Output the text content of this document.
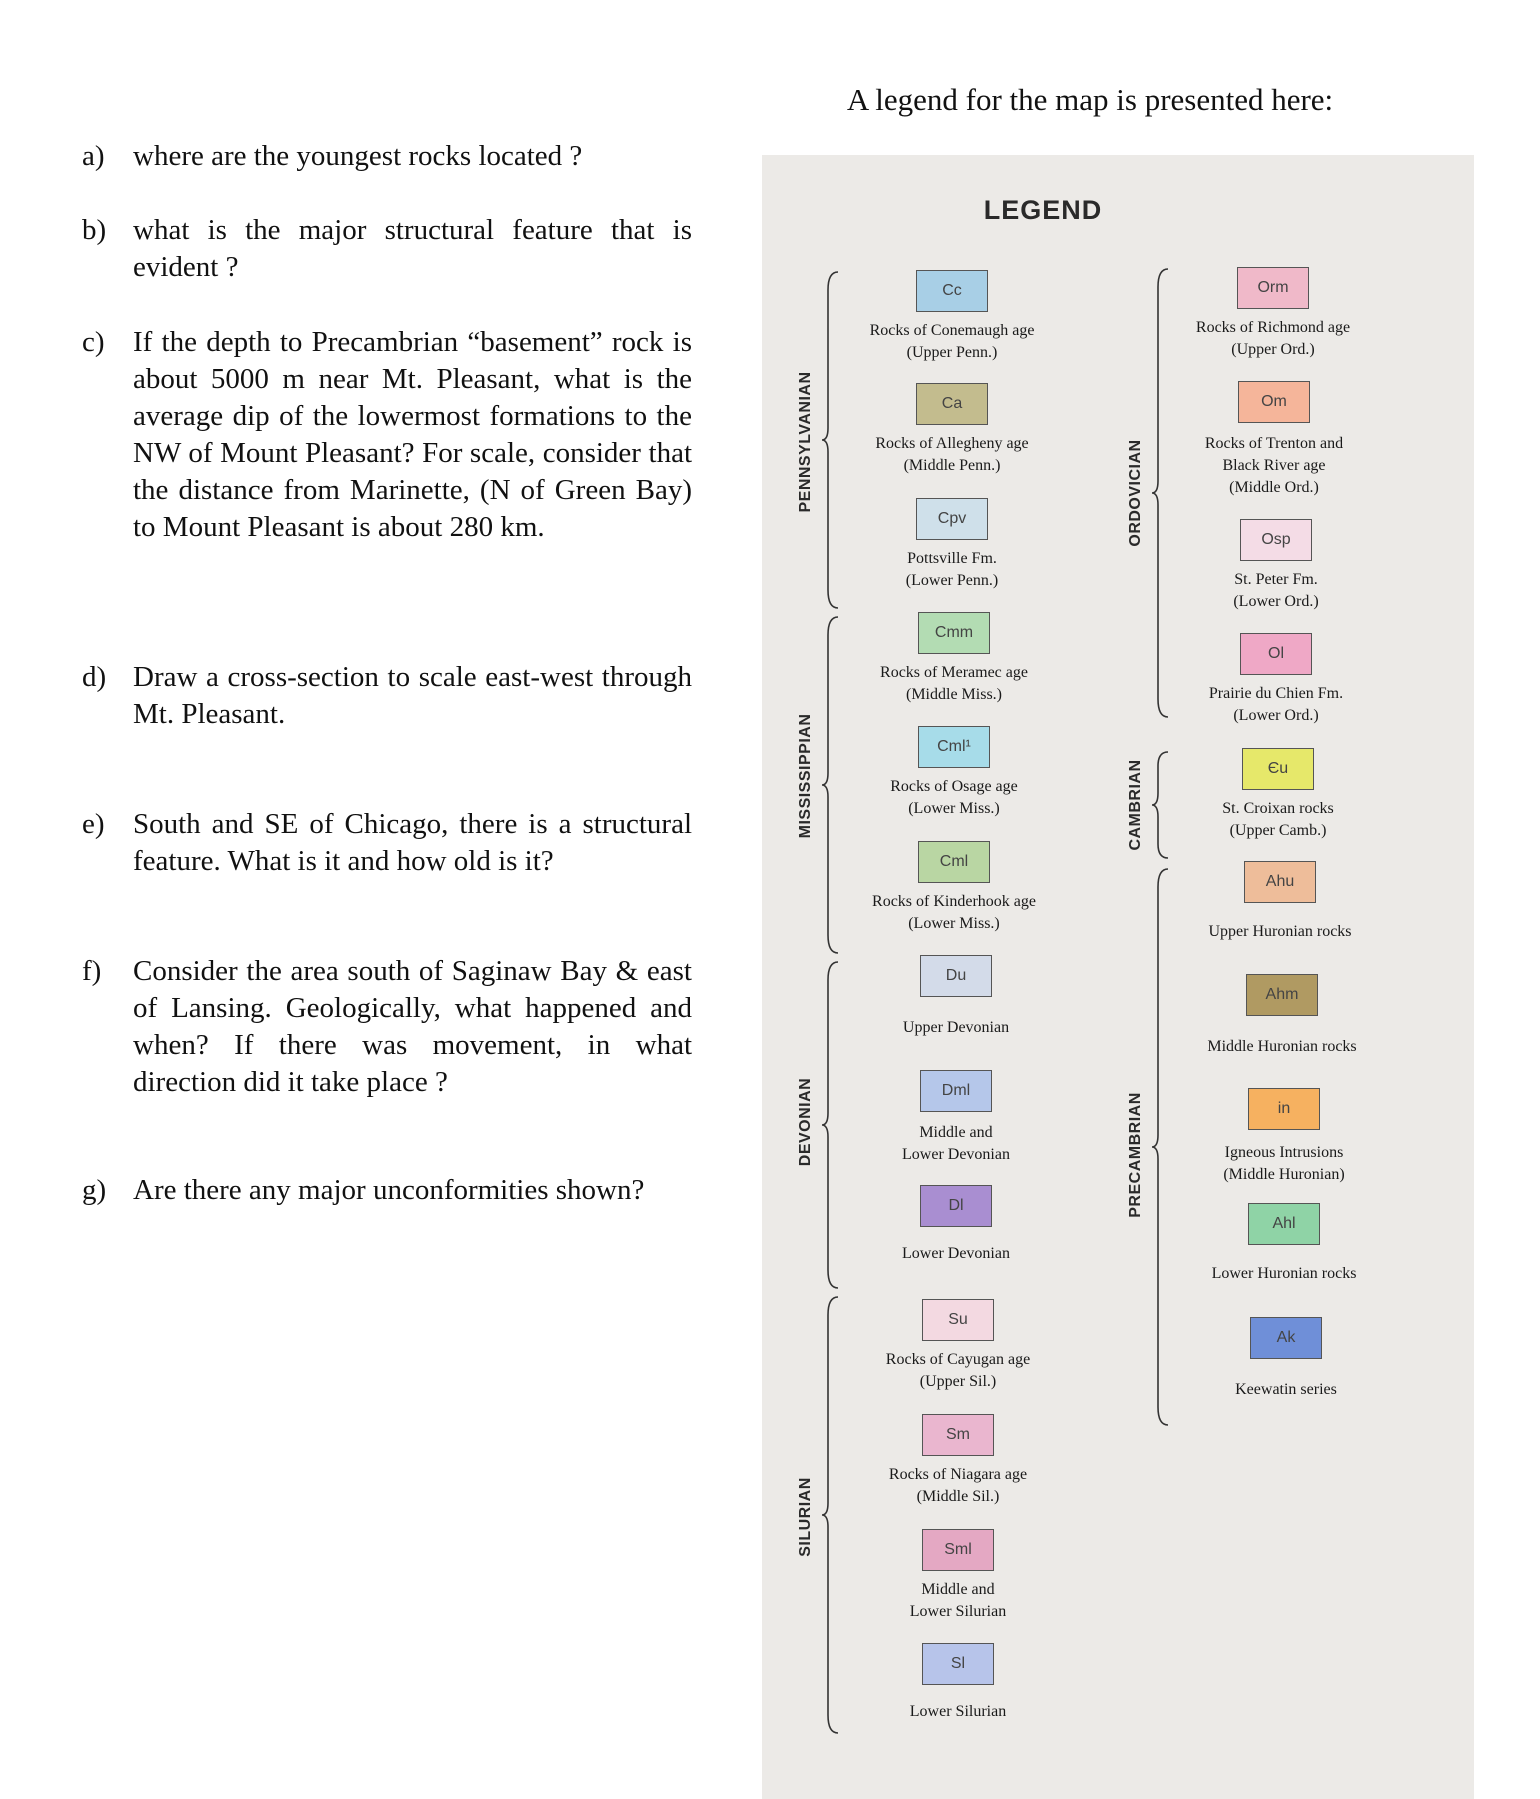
a) where are the youngest rocks located ?
b) what is the major structural feature that is evident ?
c) If the depth to Precambrian “basement” rock is about 5000 m near Mt. Pleasant, what is the average dip of the lowermost formations to the NW of Mount Pleasant? For scale, consider that the distance from Marinette, (N of Green Bay) to Mount Pleasant is about 280 km.
d) Draw a cross-section to scale east-west through Mt. Pleasant.
e) South and SE of Chicago, there is a structural feature. What is it and how old is it?
f) Consider the area south of Saginaw Bay & east of Lansing. Geologically, what happened and when? If there was movement, in what direction did it take place ?
g) Are there any major unconformities shown?
A legend for the map is presented here:
LEGEND
PENNSYLVANIAN
MISSISSIPPIAN
DEVONIAN
SILURIAN
ORDOVICIAN
CAMBRIAN
PRECAMBRIAN
Cc
Rocks of Conemaugh age
(Upper Penn.)
Ca
Rocks of Allegheny age
(Middle Penn.)
Cpv
Pottsville Fm.
(Lower Penn.)
Cmm
Rocks of Meramec age
(Middle Miss.)
Cml¹
Rocks of Osage age
(Lower Miss.)
Cml
Rocks of Kinderhook age
(Lower Miss.)
Du
Upper Devonian
Dml
Middle and
Lower Devonian
Dl
Lower Devonian
Su
Rocks of Cayugan age
(Upper Sil.)
Sm
Rocks of Niagara age
(Middle Sil.)
Sml
Middle and
Lower Silurian
Sl
Lower Silurian
Orm
Rocks of Richmond age
(Upper Ord.)
Om
Rocks of Trenton and
Black River age
(Middle Ord.)
Osp
St. Peter Fm.
(Lower Ord.)
Ol
Prairie du Chien Fm.
(Lower Ord.)
Єu
St. Croixan rocks
(Upper Camb.)
Ahu
Upper Huronian rocks
Ahm
Middle Huronian rocks
in
Igneous Intrusions
(Middle Huronian)
Ahl
Lower Huronian rocks
Ak
Keewatin series
